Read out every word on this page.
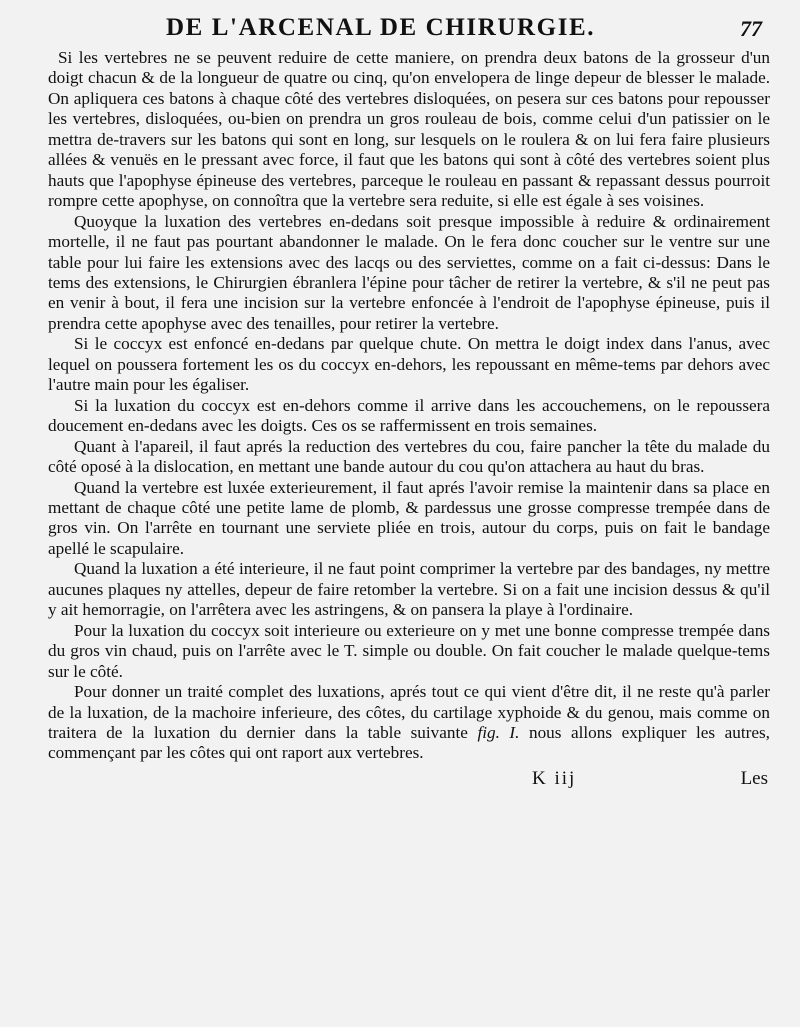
DE L'ARCENAL DE CHIRURGIE.	77

Si les vertebres ne se peuvent reduire de cette maniere, on prendra deux batons de la grosseur d'un doigt chacun & de la longueur de quatre ou cinq, qu'on envelopera de linge depeur de blesser le malade. On apliquera ces batons à chaque côté des vertebres disloquées, on pesera sur ces batons pour repousser les vertebres, disloquées, ou-bien on prendra un gros rouleau de bois, comme celui d'un patissier on le mettra de-travers sur les batons qui sont en long, sur lesquels on le roulera & on lui fera faire plusieurs allées & venuës en le pressant avec force, il faut que les batons qui sont à côté des vertebres soient plus hauts que l'apophyse épineuse des vertebres, parceque le rouleau en passant & repassant dessus pourroit rompre cette apophyse, on connoîtra que la vertebre sera reduite, si elle est égale à ses voisines.

Quoyque la luxation des vertebres en-dedans soit presque impossible à reduire & ordinairement mortelle, il ne faut pas pourtant abandonner le malade. On le fera donc coucher sur le ventre sur une table pour lui faire les extensions avec des lacqs ou des serviettes, comme on a fait ci-dessus: Dans le tems des extensions, le Chirurgien ébranlera l'épine pour tâcher de retirer la vertebre, & s'il ne peut pas en venir à bout, il fera une incision sur la vertebre enfoncée à l'endroit de l'apophyse épineuse, puis il prendra cette apophyse avec des tenailles, pour retirer la vertebre.

Si le coccyx est enfoncé en-dedans par quelque chute. On mettra le doigt index dans l'anus, avec lequel on poussera fortement les os du coccyx en-dehors, les repoussant en même-tems par dehors avec l'autre main pour les égaliser.

Si la luxation du coccyx est en-dehors comme il arrive dans les accouchemens, on le repoussera doucement en-dedans avec les doigts. Ces os se raffermissent en trois semaines.

Quant à l'apareil, il faut aprés la reduction des vertebres du cou, faire pancher la tête du malade du côté oposé à la dislocation, en mettant une bande autour du cou qu'on attachera au haut du bras.

Quand la vertebre est luxée exterieurement, il faut aprés l'avoir remise la maintenir dans sa place en mettant de chaque côté une petite lame de plomb, & pardessus une grosse compresse trempée dans de gros vin. On l'arrête en tournant une serviete pliée en trois, autour du corps, puis on fait le bandage apellé le scapulaire.

Quand la luxation a été interieure, il ne faut point comprimer la vertebre par des bandages, ny mettre aucunes plaques ny attelles, depeur de faire retomber la vertebre. Si on a fait une incision dessus & qu'il y ait hemorragie, on l'arrêtera avec les astringens, & on pansera la playe à l'ordinaire.

Pour la luxation du coccyx soit interieure ou exterieure on y met une bonne compresse trempée dans du gros vin chaud, puis on l'arrête avec le T. simple ou double. On fait coucher le malade quelque-tems sur le côté.

Pour donner un traité complet des luxations, aprés tout ce qui vient d'être dit, il ne reste qu'à parler de la luxation, de la machoire inferieure, des côtes, du cartilage xyphoide & du genou, mais comme on traitera de la luxation du dernier dans la table suivante fig. I. nous allons expliquer les autres, commençant par les côtes qui ont raport aux vertebres.

K iij	Les
